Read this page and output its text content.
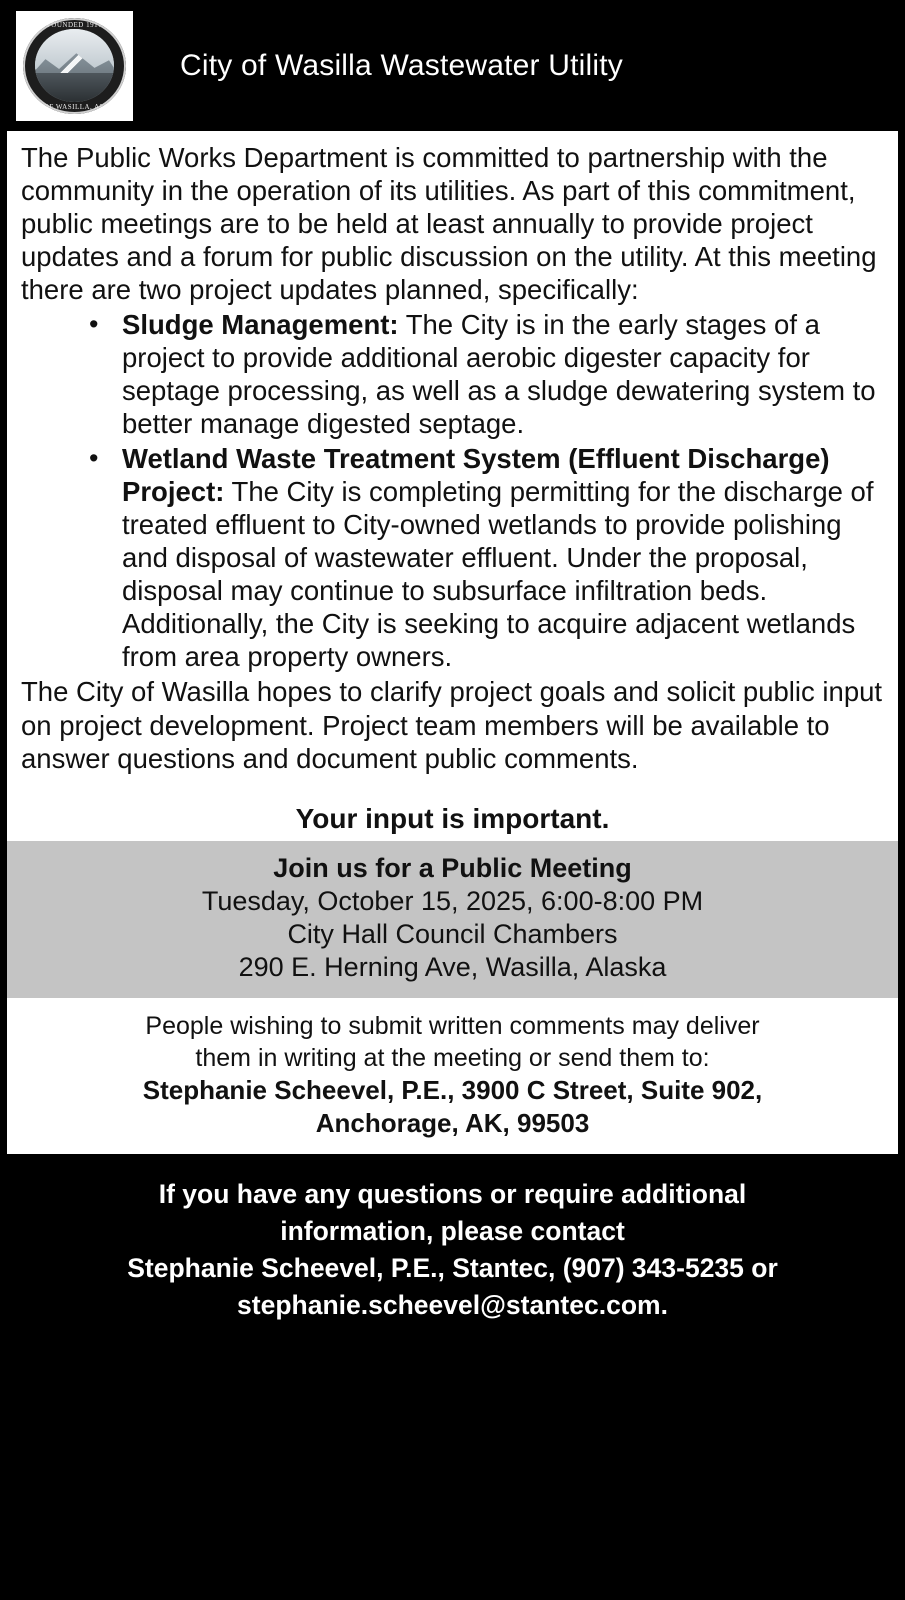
FOUNDED 1917
CITY OF WASILLA, ALASKA
City of Wasilla Wastewater Utility

The Public Works Department is committed to partnership with the community in the operation of its utilities. As part of this commitment, public meetings are to be held at least annually to provide project updates and a forum for public discussion on the utility. At this meeting there are two project updates planned, specifically:

• Sludge Management: The City is in the early stages of a project to provide additional aerobic digester capacity for septage processing, as well as a sludge dewatering system to better manage digested septage.
• Wetland Waste Treatment System (Effluent Discharge) Project: The City is completing permitting for the discharge of treated effluent to City-owned wetlands to provide polishing and disposal of wastewater effluent. Under the proposal, disposal may continue to subsurface infiltration beds. Additionally, the City is seeking to acquire adjacent wetlands from area property owners.

The City of Wasilla hopes to clarify project goals and solicit public input on project development. Project team members will be available to answer questions and document public comments.

Your input is important.
Join us for a Public Meeting
Tuesday, October 15, 2025, 6:00-8:00 PM
City Hall Council Chambers
290 E. Herning Ave, Wasilla, Alaska
People wishing to submit written comments may deliver
them in writing at the meeting or send them to:
Stephanie Scheevel, P.E., 3900 C Street, Suite 902,
Anchorage, AK, 99503
If you have any questions or require additional
information, please contact
Stephanie Scheevel, P.E., Stantec, (907) 343-5235 or
stephanie.scheevel@stantec.com.
